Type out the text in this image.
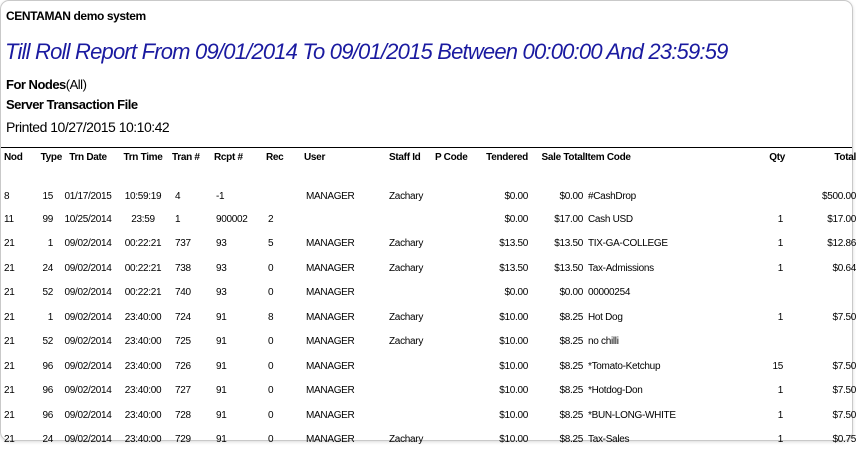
CENTAMAN demo system
Till Roll Report From 09/01/2014 To 09/01/2015 Between 00:00:00 And 23:59:59
For Nodes(All)
Server Transaction File
Printed 10/27/2015 10:10:42
Nod	Type	Trn Date	Trn Time	Tran #	Rcpt #	Rec	User	Staff Id	P Code	Tendered	Sale Total	Item Code	Qty	Total
8	15	01/17/2015	10:59:19	4	-1		MANAGER	Zachary		$0.00	$0.00	#CashDrop		$500.00
11	99	10/25/2014	23:59	1	900002	2				$0.00	$17.00	Cash USD	1	$17.00
21	1	09/02/2014	00:22:21	737	93	5	MANAGER	Zachary		$13.50	$13.50	TIX-GA-COLLEGE	1	$12.86
21	24	09/02/2014	00:22:21	738	93	0	MANAGER	Zachary		$13.50	$13.50	Tax-Admissions	1	$0.64
21	52	09/02/2014	00:22:21	740	93	0	MANAGER			$0.00	$0.00	00000254		
21	1	09/02/2014	23:40:00	724	91	8	MANAGER	Zachary		$10.00	$8.25	Hot Dog	1	$7.50
21	52	09/02/2014	23:40:00	725	91	0	MANAGER	Zachary		$10.00	$8.25	no chilli		
21	96	09/02/2014	23:40:00	726	91	0	MANAGER			$10.00	$8.25	*Tomato-Ketchup	15	$7.50
21	96	09/02/2014	23:40:00	727	91	0	MANAGER			$10.00	$8.25	*Hotdog-Don	1	$7.50
21	96	09/02/2014	23:40:00	728	91	0	MANAGER			$10.00	$8.25	*BUN-LONG-WHITE	1	$7.50
21	24	09/02/2014	23:40:00	729	91	0	MANAGER	Zachary		$10.00	$8.25	Tax-Sales	1	$0.75
